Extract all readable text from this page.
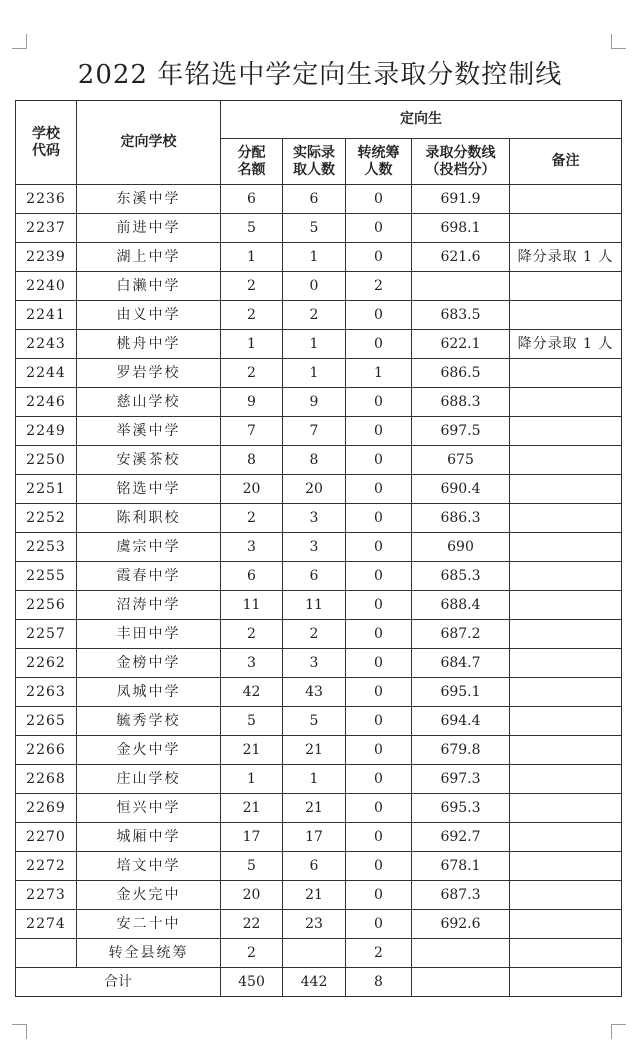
2022 年铭选中学定向生录取分数控制线
学校代码	定向学校	定向生				
		分配名额	实际录取人数	转统筹人数	录取分数线（投档分）	备注
2236	东溪中学	6	6	0	691.9	
2237	前进中学	5	5	0	698.1	
2239	湖上中学	1	1	0	621.6	降分录取 1 人
2240	白濑中学	2	0	2		
2241	由义中学	2	2	0	683.5	
2243	桃舟中学	1	1	0	622.1	降分录取 1 人
2244	罗岩学校	2	1	1	686.5	
2246	慈山学校	9	9	0	688.3	
2249	举溪中学	7	7	0	697.5	
2250	安溪茶校	8	8	0	675	
2251	铭选中学	20	20	0	690.4	
2252	陈利职校	2	3	0	686.3	
2253	虞宗中学	3	3	0	690	
2255	霞春中学	6	6	0	685.3	
2256	沼涛中学	11	11	0	688.4	
2257	丰田中学	2	2	0	687.2	
2262	金榜中学	3	3	0	684.7	
2263	凤城中学	42	43	0	695.1	
2265	毓秀学校	5	5	0	694.4	
2266	金火中学	21	21	0	679.8	
2268	庄山学校	1	1	0	697.3	
2269	恒兴中学	21	21	0	695.3	
2270	城厢中学	17	17	0	692.7	
2272	培文中学	5	6	0	678.1	
2273	金火完中	20	21	0	687.3	
2274	安二十中	22	23	0	692.6	
	转全县统筹	2		2		
合计		450	442	8		
